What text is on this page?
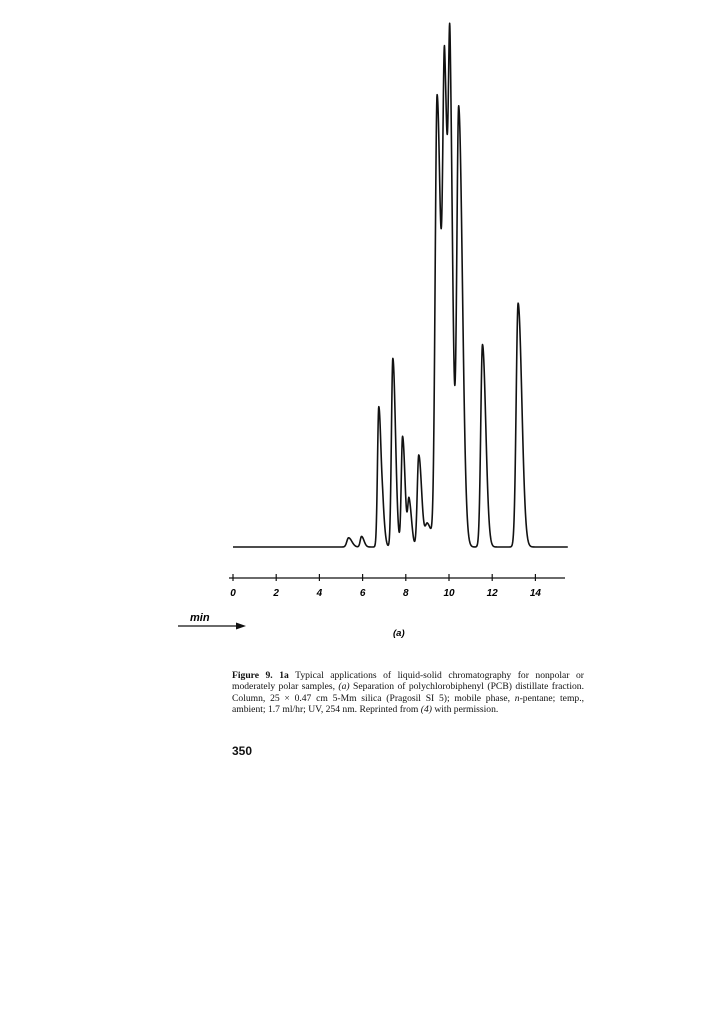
0	2	4	6	8	10	12	14
min
(a)

Figure 9. 1a Typical applications of liquid-solid chromatography for nonpolar or moderately polar samples, (a) Separation of polychlorobiphenyl (PCB) distillate fraction. Column, 25 × 0.47 cm 5-Mm silica (Pragosil SI 5); mobile phase, n-pentane; temp., ambient; 1.7 ml/hr; UV, 254 nm. Reprinted from (4) with permission.

350
